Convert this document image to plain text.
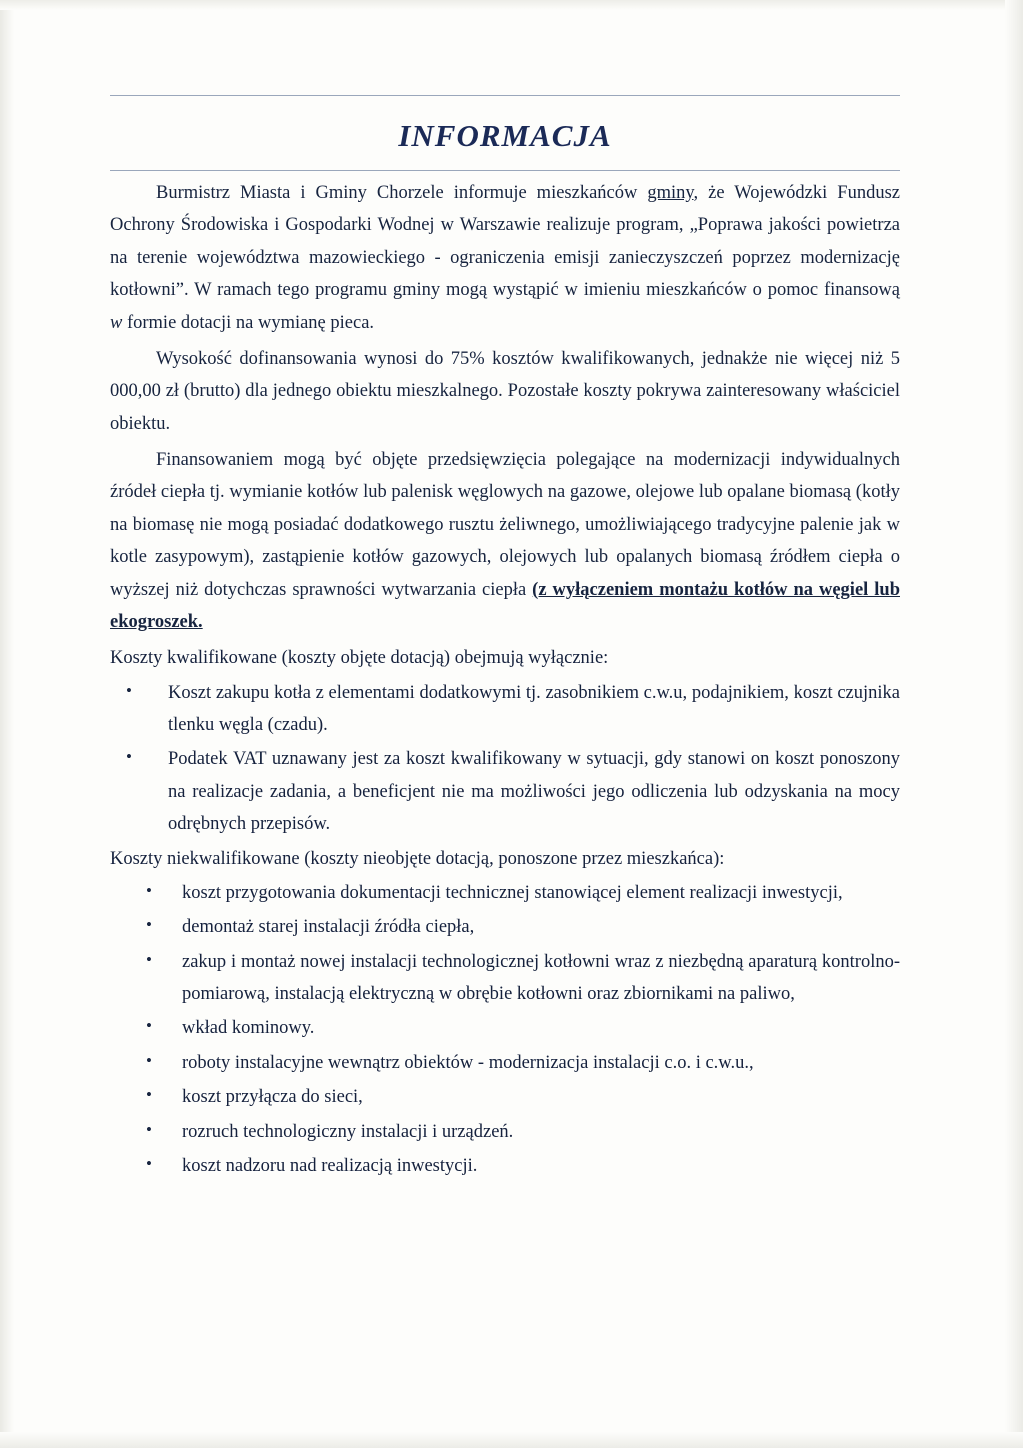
INFORMACJA

Burmistrz Miasta i Gminy Chorzele informuje mieszkańców gminy, że Wojewódzki Fundusz Ochrony Środowiska i Gospodarki Wodnej w Warszawie realizuje program, „Poprawa jakości powietrza na terenie województwa mazowieckiego - ograniczenia emisji zanieczyszczeń poprzez modernizację kotłowni”. W ramach tego programu gminy mogą wystąpić w imieniu mieszkańców o pomoc finansową w formie dotacji na wymianę pieca.

Wysokość dofinansowania wynosi do 75% kosztów kwalifikowanych, jednakże nie więcej niż 5 000,00 zł (brutto) dla jednego obiektu mieszkalnego. Pozostałe koszty pokrywa zainteresowany właściciel obiektu.

Finansowaniem mogą być objęte przedsięwzięcia polegające na modernizacji indywidualnych źródeł ciepła tj. wymianie kotłów lub palenisk węglowych na gazowe, olejowe lub opalane biomasą (kotły na biomasę nie mogą posiadać dodatkowego rusztu żeliwnego, umożliwiającego tradycyjne palenie jak w kotle zasypowym), zastąpienie kotłów gazowych, olejowych lub opalanych biomasą źródłem ciepła o wyższej niż dotychczas sprawności wytwarzania ciepła (z wyłączeniem montażu kotłów na węgiel lub ekogroszek.

Koszty kwalifikowane (koszty objęte dotacją) obejmują wyłącznie:
• Koszt zakupu kotła z elementami dodatkowymi tj. zasobnikiem c.w.u, podajnikiem, koszt czujnika tlenku węgla (czadu).
• Podatek VAT uznawany jest za koszt kwalifikowany w sytuacji, gdy stanowi on koszt ponoszony na realizacje zadania, a beneficjent nie ma możliwości jego odliczenia lub odzyskania na mocy odrębnych przepisów.
Koszty niekwalifikowane (koszty nieobjęte dotacją, ponoszone przez mieszkańca):
• koszt przygotowania dokumentacji technicznej stanowiącej element realizacji inwestycji,
• demontaż starej instalacji źródła ciepła,
• zakup i montaż nowej instalacji technologicznej kotłowni wraz z niezbędną aparaturą kontrolno-pomiarową, instalacją elektryczną w obrębie kotłowni oraz zbiornikami na paliwo,
• wkład kominowy.
• roboty instalacyjne wewnątrz obiektów - modernizacja instalacji c.o. i c.w.u.,
• koszt przyłącza do sieci,
• rozruch technologiczny instalacji i urządzeń.
• koszt nadzoru nad realizacją inwestycji.
